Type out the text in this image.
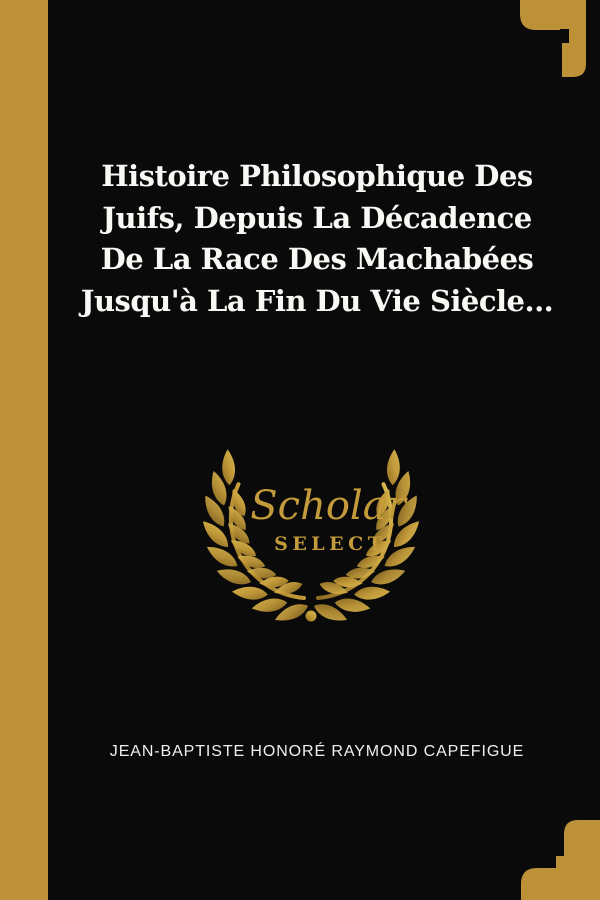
Histoire Philosophique Des
Juifs, Depuis La Décadence
De La Race Des Machabées
Jusqu'à La Fin Du Vie Siècle...
Scholar
SELECT
JEAN-BAPTISTE HONORÉ RAYMOND CAPEFIGUE
